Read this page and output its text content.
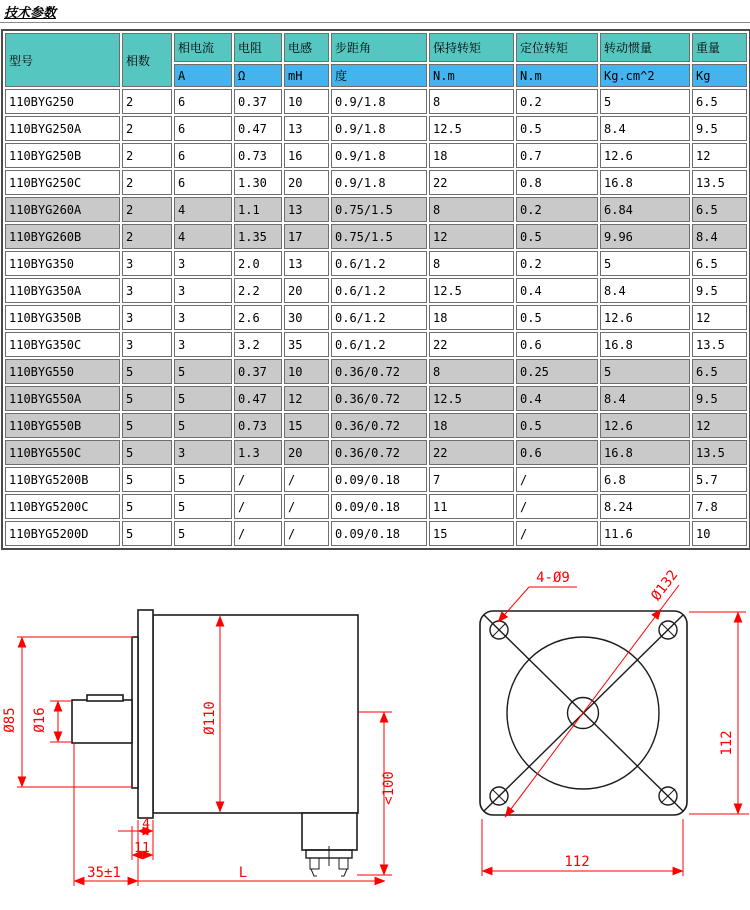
技术参数
型号	相数	相电流	电阻	电感	步距角	保持转矩	定位转矩	转动惯量	重量
		A	Ω	mH	度	N.m	N.m	Kg.cm^2	Kg
110BYG250	2	6	0.37	10	0.9/1.8	8	0.2	5	6.5
110BYG250A	2	6	0.47	13	0.9/1.8	12.5	0.5	8.4	9.5
110BYG250B	2	6	0.73	16	0.9/1.8	18	0.7	12.6	12
110BYG250C	2	6	1.30	20	0.9/1.8	22	0.8	16.8	13.5
110BYG260A	2	4	1.1	13	0.75/1.5	8	0.2	6.84	6.5
110BYG260B	2	4	1.35	17	0.75/1.5	12	0.5	9.96	8.4
110BYG350	3	3	2.0	13	0.6/1.2	8	0.2	5	6.5
110BYG350A	3	3	2.2	20	0.6/1.2	12.5	0.4	8.4	9.5
110BYG350B	3	3	2.6	30	0.6/1.2	18	0.5	12.6	12
110BYG350C	3	3	3.2	35	0.6/1.2	22	0.6	16.8	13.5
110BYG550	5	5	0.37	10	0.36/0.72	8	0.25	5	6.5
110BYG550A	5	5	0.47	12	0.36/0.72	12.5	0.4	8.4	9.5
110BYG550B	5	5	0.73	15	0.36/0.72	18	0.5	12.6	12
110BYG550C	5	3	1.3	20	0.36/0.72	22	0.6	16.8	13.5
110BYG5200B	5	5	/	/	0.09/0.18	7	/	6.8	5.7
110BYG5200C	5	5	/	/	0.09/0.18	11	/	8.24	7.8
110BYG5200D	5	5	/	/	0.09/0.18	15	/	11.6	10
Ø85 Ø16	Ø110
<100
4
11
35±1	L
4-Ø9	Ø132
112
112
